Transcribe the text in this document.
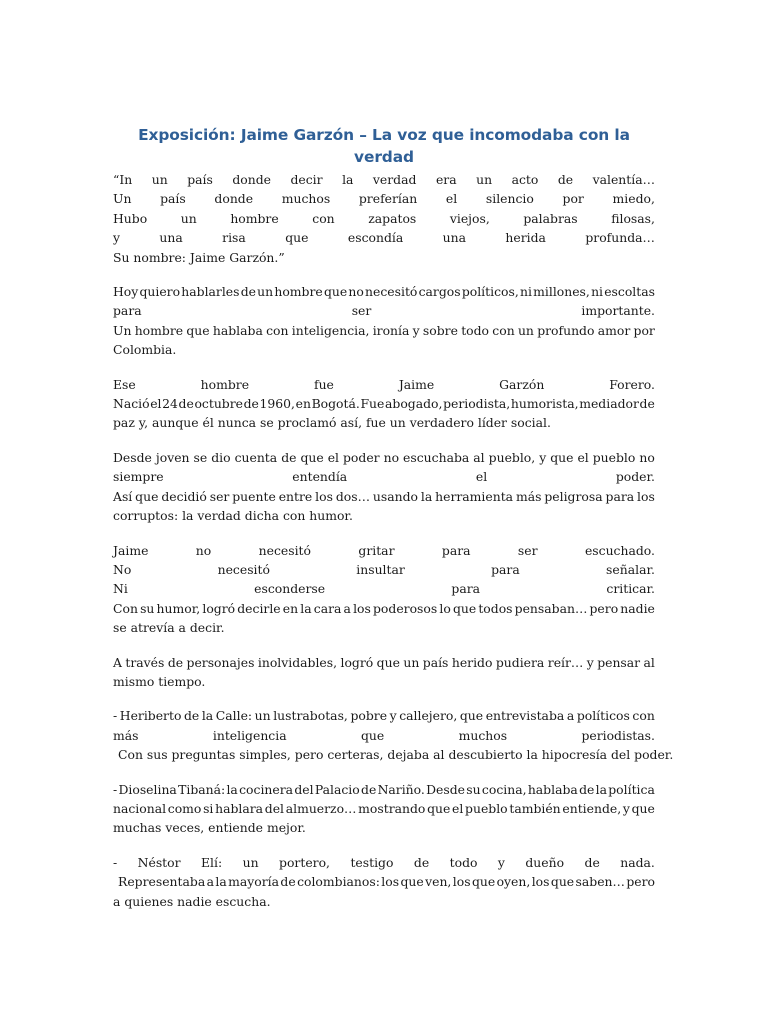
Exposición: Jaime Garzón – La voz que incomodaba con la verdad
“In un país donde decir la verdad era un acto de valentía…
Un país donde muchos preferían el silencio por miedo,
Hubo	un	hombre	con	zapatos	viejos,	palabras	filosas,
y	una	risa	que	escondía	una	herida	profunda…
Su nombre: Jaime Garzón.”
Hoy quiero hablarles de un hombre que no necesitó cargos políticos, ni millones, ni escoltas
para	ser	importante.
Un hombre que hablaba con inteligencia, ironía y sobre todo con un profundo amor por
Colombia.
Ese	hombre	fue	Jaime	Garzón	Forero.
Nació el 24 de octubre de 1960, en Bogotá. Fue abogado, periodista, humorista, mediador de
paz y, aunque él nunca se proclamó así, fue un verdadero líder social.
Desde joven se dio cuenta de que el poder no escuchaba al pueblo, y que el pueblo no
siempre	entendía	el	poder.
Así que decidió ser puente entre los dos… usando la herramienta más peligrosa para los
corruptos: la verdad dicha con humor.
Jaime	no	necesitó	gritar	para	ser	escuchado.
No	necesitó	insultar	para	señalar.
Ni	esconderse	para	criticar.
Con su humor, logró decirle en la cara a los poderosos lo que todos pensaban… pero nadie
se atrevía a decir.
A través de personajes inolvidables, logró que un país herido pudiera reír… y pensar al
mismo tiempo.
- Heriberto de la Calle: un lustrabotas, pobre y callejero, que entrevistaba a políticos con
más	inteligencia	que	muchos	periodistas.
Con sus preguntas simples, pero certeras, dejaba al descubierto la hipocresía del poder.
- Dioselina Tibaná: la cocinera del Palacio de Nariño. Desde su cocina, hablaba de la política
nacional como si hablara del almuerzo… mostrando que el pueblo también entiende, y que
muchas veces, entiende mejor.
- Néstor Elí: un portero, testigo de todo y dueño de nada.
Representaba a la mayoría de colombianos: los que ven, los que oyen, los que saben… pero
a quienes nadie escucha.
